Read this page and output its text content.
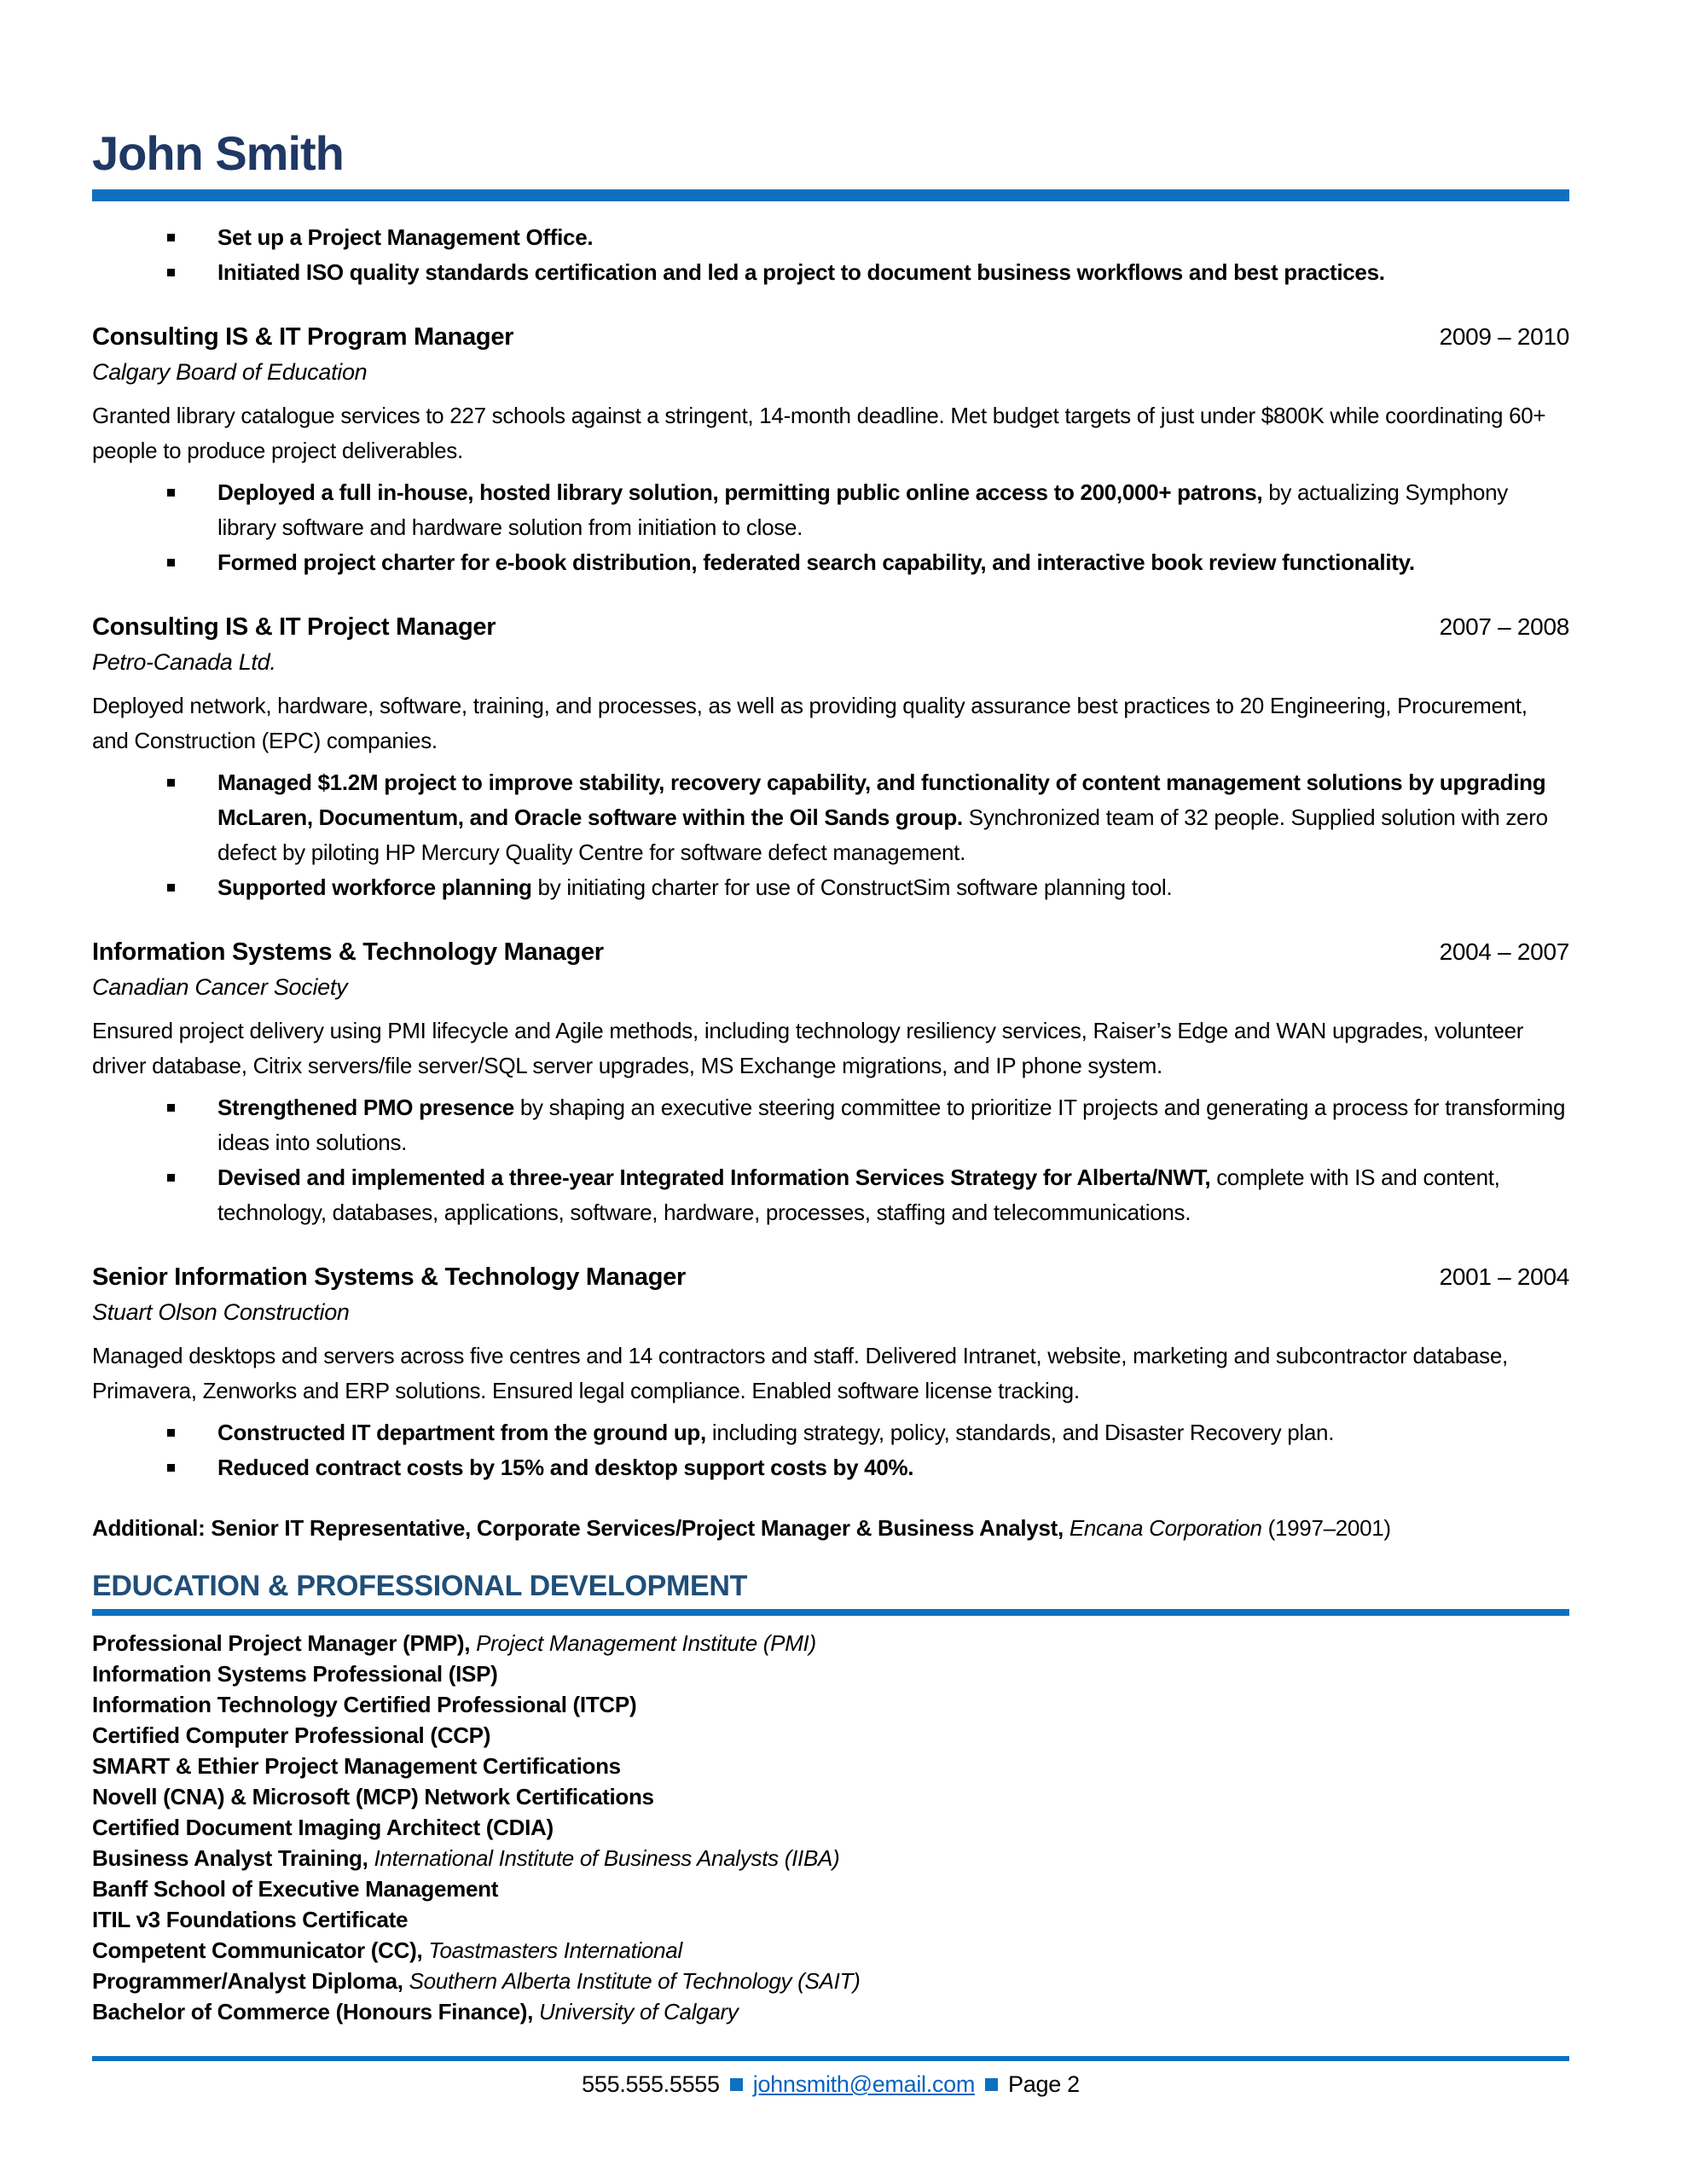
John Smith
Set up a Project Management Office.
Initiated ISO quality standards certification and led a project to document business workflows and best practices.
Consulting IS & IT Program Manager	2009 – 2010

Calgary Board of Education

Granted library catalogue services to 227 schools against a stringent, 14-month deadline. Met budget targets of just under $800K while coordinating 60+ people to produce project deliverables.

Deployed a full in-house, hosted library solution, permitting public online access to 200,000+ patrons, by actualizing Symphony library software and hardware solution from initiation to close.
Formed project charter for e-book distribution, federated search capability, and interactive book review functionality.
Consulting IS & IT Project Manager	2007 – 2008

Petro-Canada Ltd.

Deployed network, hardware, software, training, and processes, as well as providing quality assurance best practices to 20 Engineering, Procurement, and Construction (EPC) companies.

Managed $1.2M project to improve stability, recovery capability, and functionality of content management solutions by upgrading McLaren, Documentum, and Oracle software within the Oil Sands group. Synchronized team of 32 people. Supplied solution with zero defect by piloting HP Mercury Quality Centre for software defect management.
Supported workforce planning by initiating charter for use of ConstructSim software planning tool.
Information Systems & Technology Manager	2004 – 2007

Canadian Cancer Society

Ensured project delivery using PMI lifecycle and Agile methods, including technology resiliency services, Raiser’s Edge and WAN upgrades, volunteer driver database, Citrix servers/file server/SQL server upgrades, MS Exchange migrations, and IP phone system.

Strengthened PMO presence by shaping an executive steering committee to prioritize IT projects and generating a process for transforming ideas into solutions.
Devised and implemented a three-year Integrated Information Services Strategy for Alberta/NWT, complete with IS and content, technology, databases, applications, software, hardware, processes, staffing and telecommunications.
Senior Information Systems & Technology Manager	2001 – 2004

Stuart Olson Construction

Managed desktops and servers across five centres and 14 contractors and staff. Delivered Intranet, website, marketing and subcontractor database, Primavera, Zenworks and ERP solutions. Ensured legal compliance. Enabled software license tracking.

Constructed IT department from the ground up, including strategy, policy, standards, and Disaster Recovery plan.
Reduced contract costs by 15% and desktop support costs by 40%.

Additional: Senior IT Representative, Corporate Services/Project Manager & Business Analyst, Encana Corporation (1997–2001)

EDUCATION & PROFESSIONAL DEVELOPMENT

Professional Project Manager (PMP), Project Management Institute (PMI)

Information Systems Professional (ISP)

Information Technology Certified Professional (ITCP)

Certified Computer Professional (CCP)

SMART & Ethier Project Management Certifications

Novell (CNA) & Microsoft (MCP) Network Certifications

Certified Document Imaging Architect (CDIA)

Business Analyst Training, International Institute of Business Analysts (IIBA)

Banff School of Executive Management

ITIL v3 Foundations Certificate

Competent Communicator (CC), Toastmasters International

Programmer/Analyst Diploma, Southern Alberta Institute of Technology (SAIT)

Bachelor of Commerce (Honours Finance), University of Calgary

555.555.5555 johnsmith@email.com Page 2
